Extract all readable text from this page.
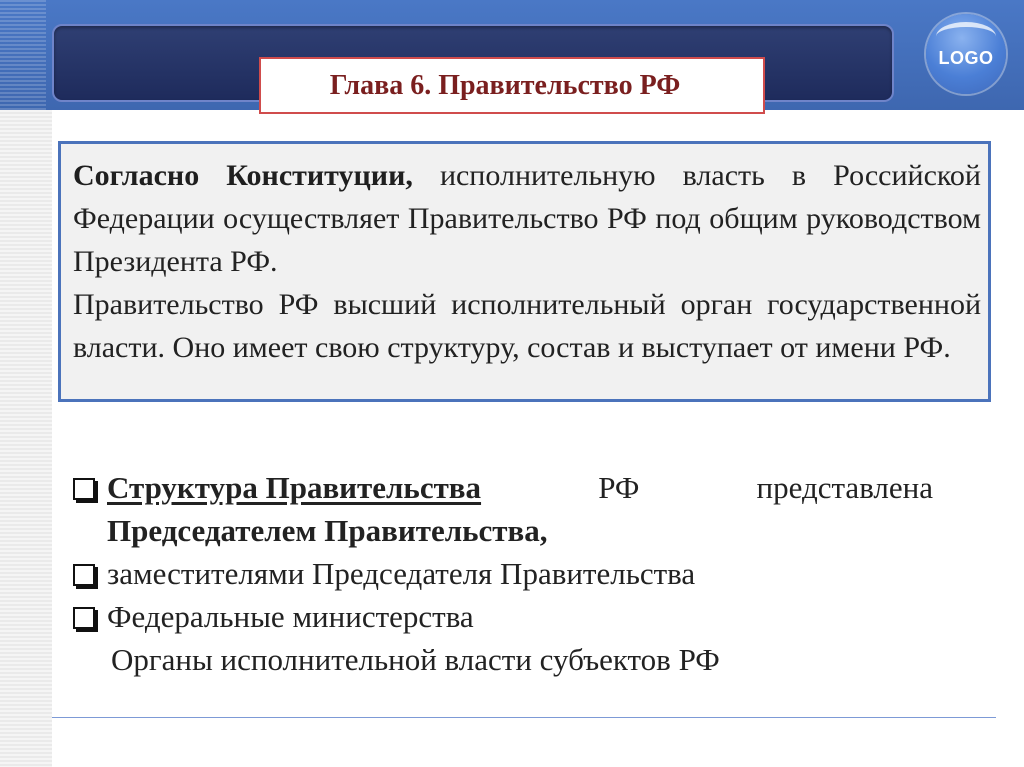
Глава 6. Правительство РФ
LOGO
Согласно Конституции, исполнительную власть в Российской Федерации осуществляет Правительство РФ под общим руководством Президента РФ.
Правительство РФ высший исполнительный орган государственной власти. Оно имеет свою структуру, состав и выступает от имени РФ.
Структура Правительства	РФ	представлена
Председателем Правительства,
заместителями Председателя Правительства
Федеральные министерства
Органы исполнительной власти субъектов РФ
